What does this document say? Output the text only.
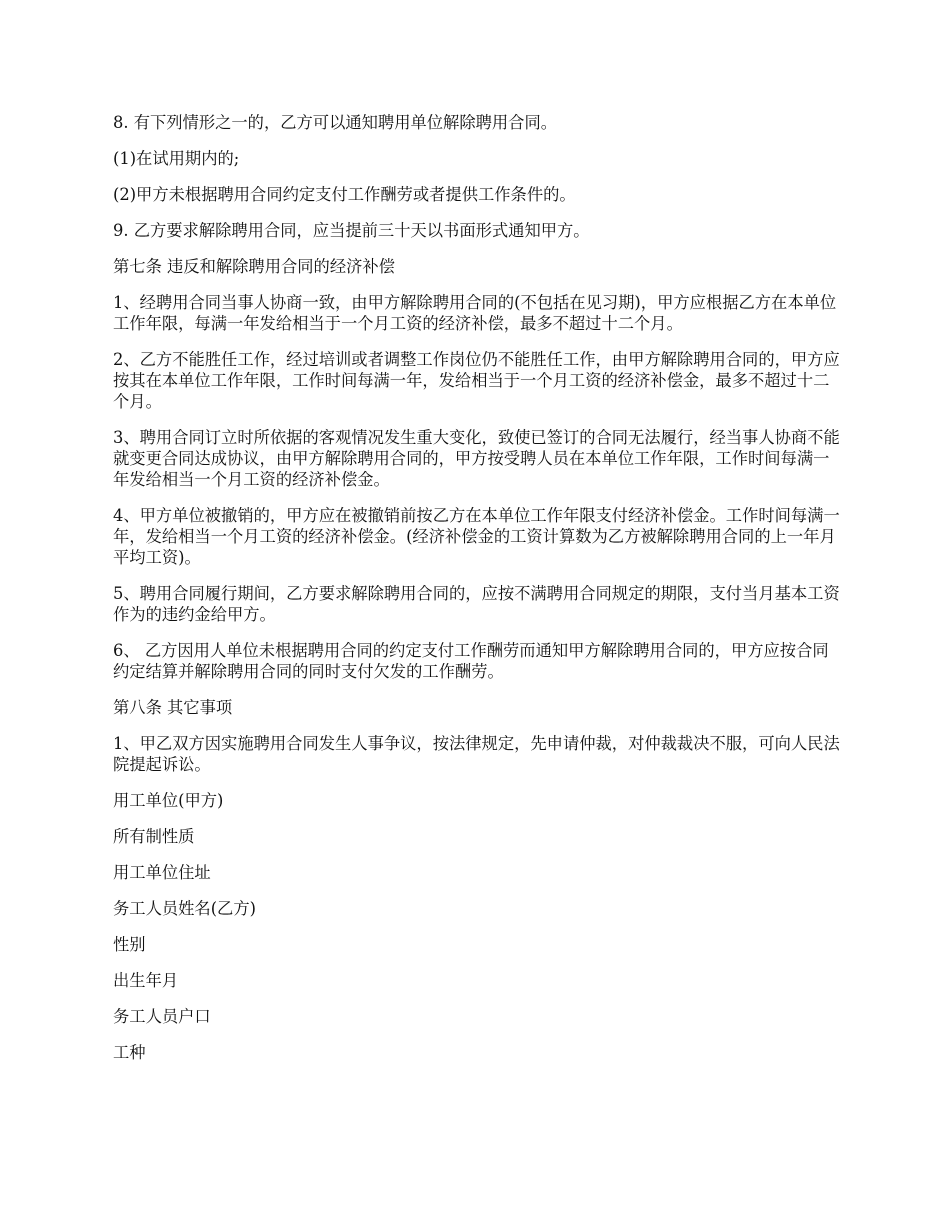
8. 有下列情形之一的，乙方可以通知聘用单位解除聘用合同。

(1)在试用期内的;

(2)甲方未根据聘用合同约定支付工作酬劳或者提供工作条件的。

9. 乙方要求解除聘用合同，应当提前三十天以书面形式通知甲方。

第七条 违反和解除聘用合同的经济补偿

1、经聘用合同当事人协商一致，由甲方解除聘用合同的(不包括在见习期)，甲方应根据乙方在本单位工作年限，每满一年发给相当于一个月工资的经济补偿，最多不超过十二个月。

2、乙方不能胜任工作，经过培训或者调整工作岗位仍不能胜任工作，由甲方解除聘用合同的，甲方应按其在本单位工作年限，工作时间每满一年，发给相当于一个月工资的经济补偿金，最多不超过十二个月。

3、聘用合同订立时所依据的客观情况发生重大变化，致使已签订的合同无法履行，经当事人协商不能就变更合同达成协议，由甲方解除聘用合同的，甲方按受聘人员在本单位工作年限，工作时间每满一年发给相当一个月工资的经济补偿金。

4、甲方单位被撤销的，甲方应在被撤销前按乙方在本单位工作年限支付经济补偿金。工作时间每满一年，发给相当一个月工资的经济补偿金。(经济补偿金的工资计算数为乙方被解除聘用合同的上一年月平均工资)。

5、聘用合同履行期间，乙方要求解除聘用合同的，应按不满聘用合同规定的期限，支付当月基本工资作为的违约金给甲方。

6、 乙方因用人单位未根据聘用合同的约定支付工作酬劳而通知甲方解除聘用合同的，甲方应按合同约定结算并解除聘用合同的同时支付欠发的工作酬劳。

第八条 其它事项

1、甲乙双方因实施聘用合同发生人事争议，按法律规定，先申请仲裁，对仲裁裁决不服，可向人民法院提起诉讼。

用工单位(甲方)

所有制性质

用工单位住址

务工人员姓名(乙方)

性别

出生年月

务工人员户口

工种
